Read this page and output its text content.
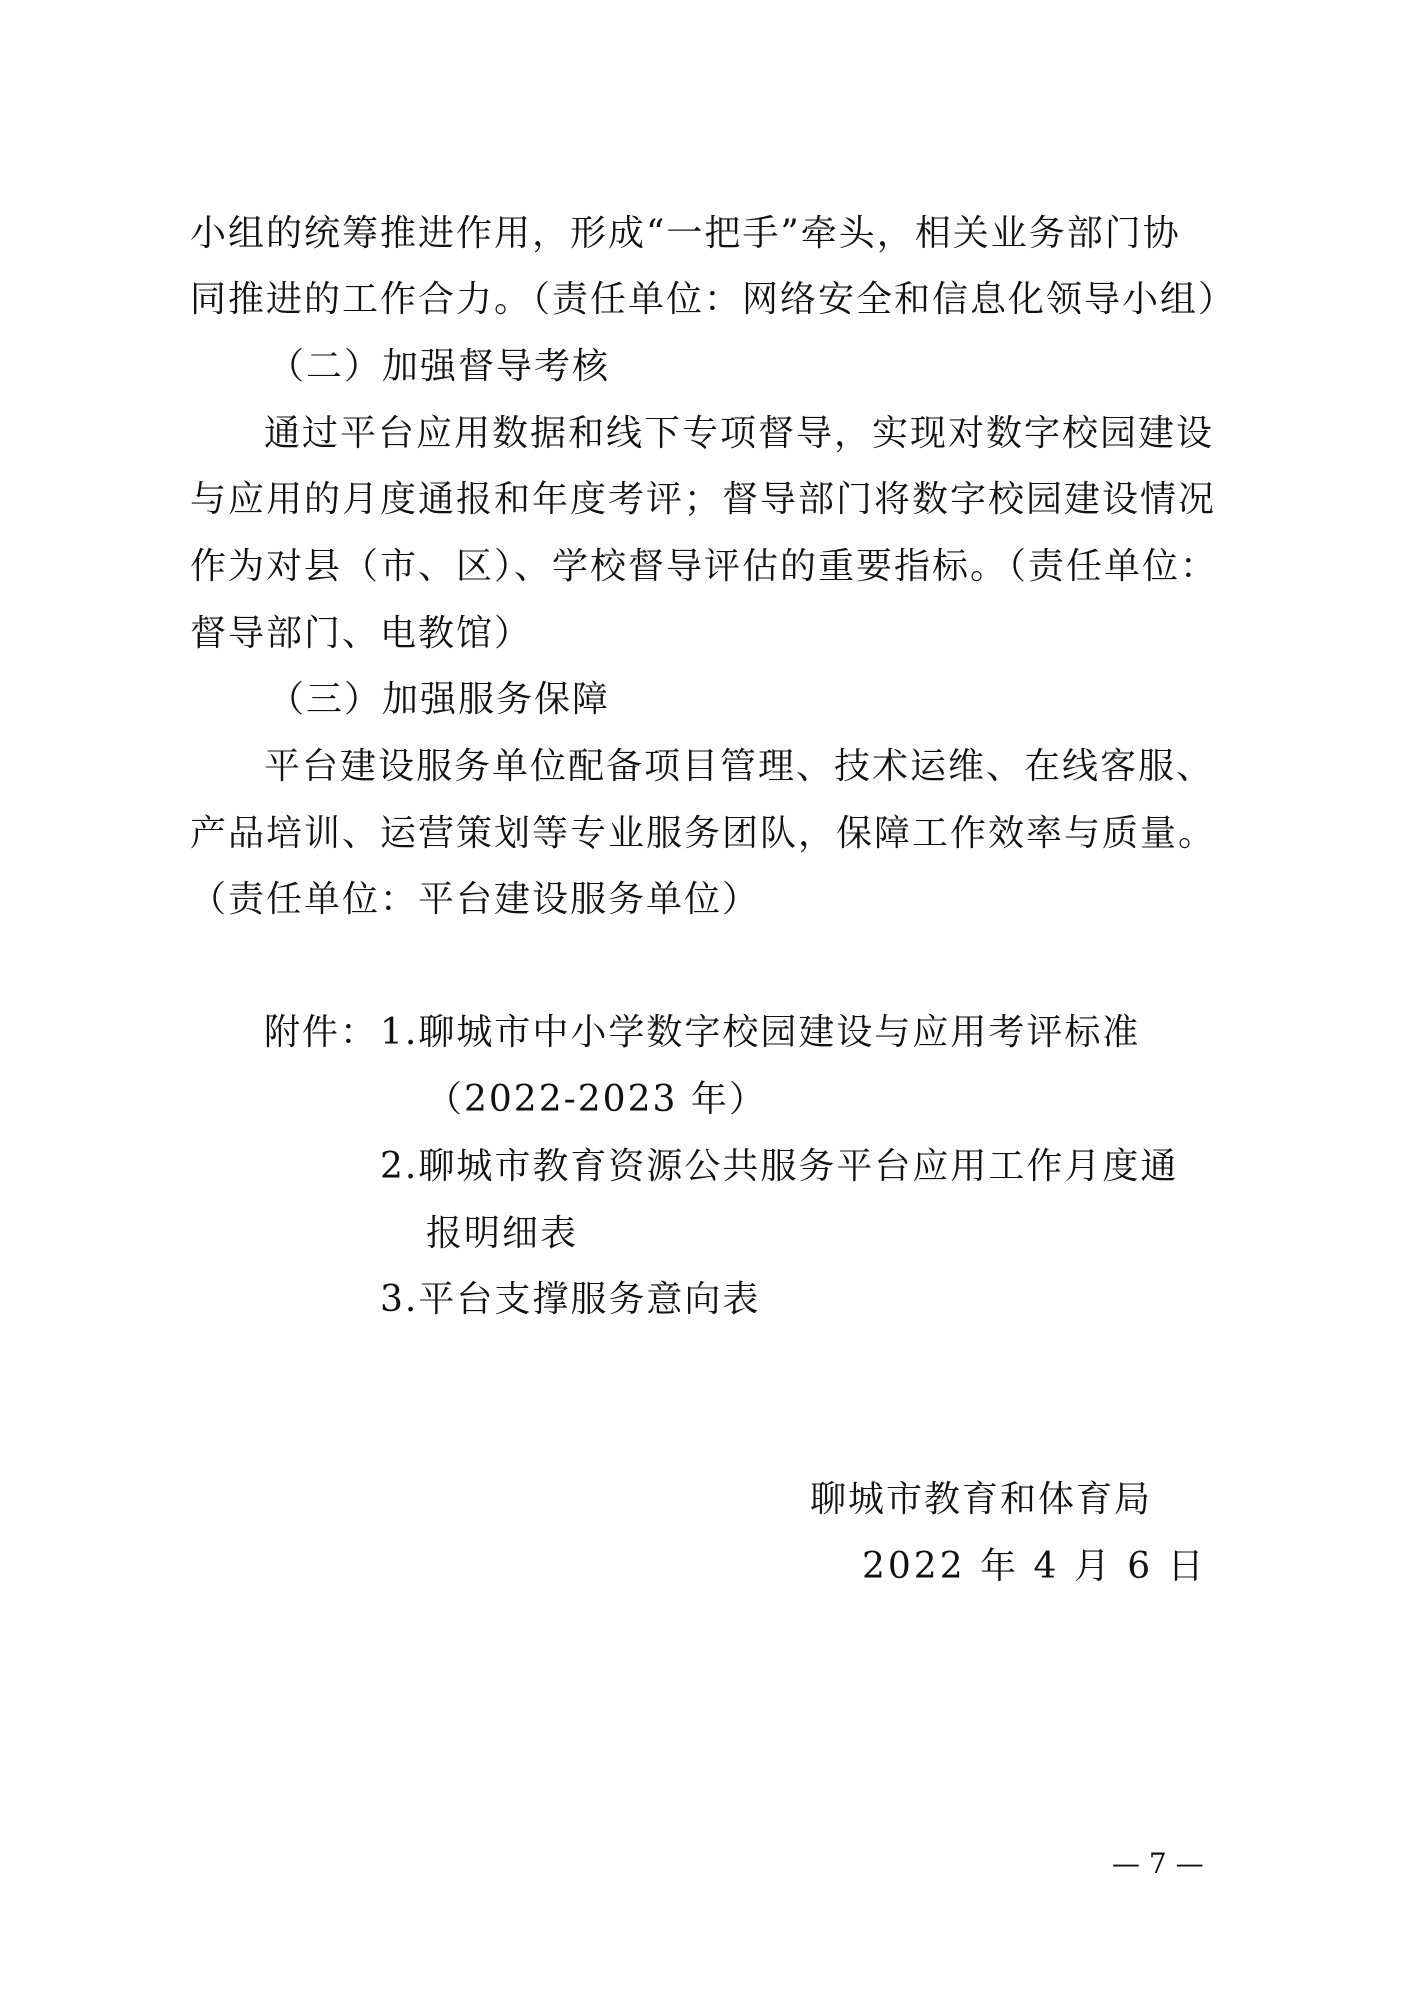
小组的统筹推进作用，形成“一把手”牵头，相关业务部门协
同推进的工作合力。（责任单位：网络安全和信息化领导小组）
（二）加强督导考核
通过平台应用数据和线下专项督导，实现对数字校园建设
与应用的月度通报和年度考评；督导部门将数字校园建设情况
作为对县（市、区）、学校督导评估的重要指标。（责任单位：
督导部门、电教馆）
（三）加强服务保障
平台建设服务单位配备项目管理、技术运维、在线客服、
产品培训、运营策划等专业服务团队，保障工作效率与质量。
（责任单位：平台建设服务单位）
附件： 1.聊城市中小学数字校园建设与应用考评标准
（2022-2023 年）
2.聊城市教育资源公共服务平台应用工作月度通
报明细表
3.平台支撑服务意向表
聊城市教育和体育局
2022 年 4 月 6 日
— 7 —
